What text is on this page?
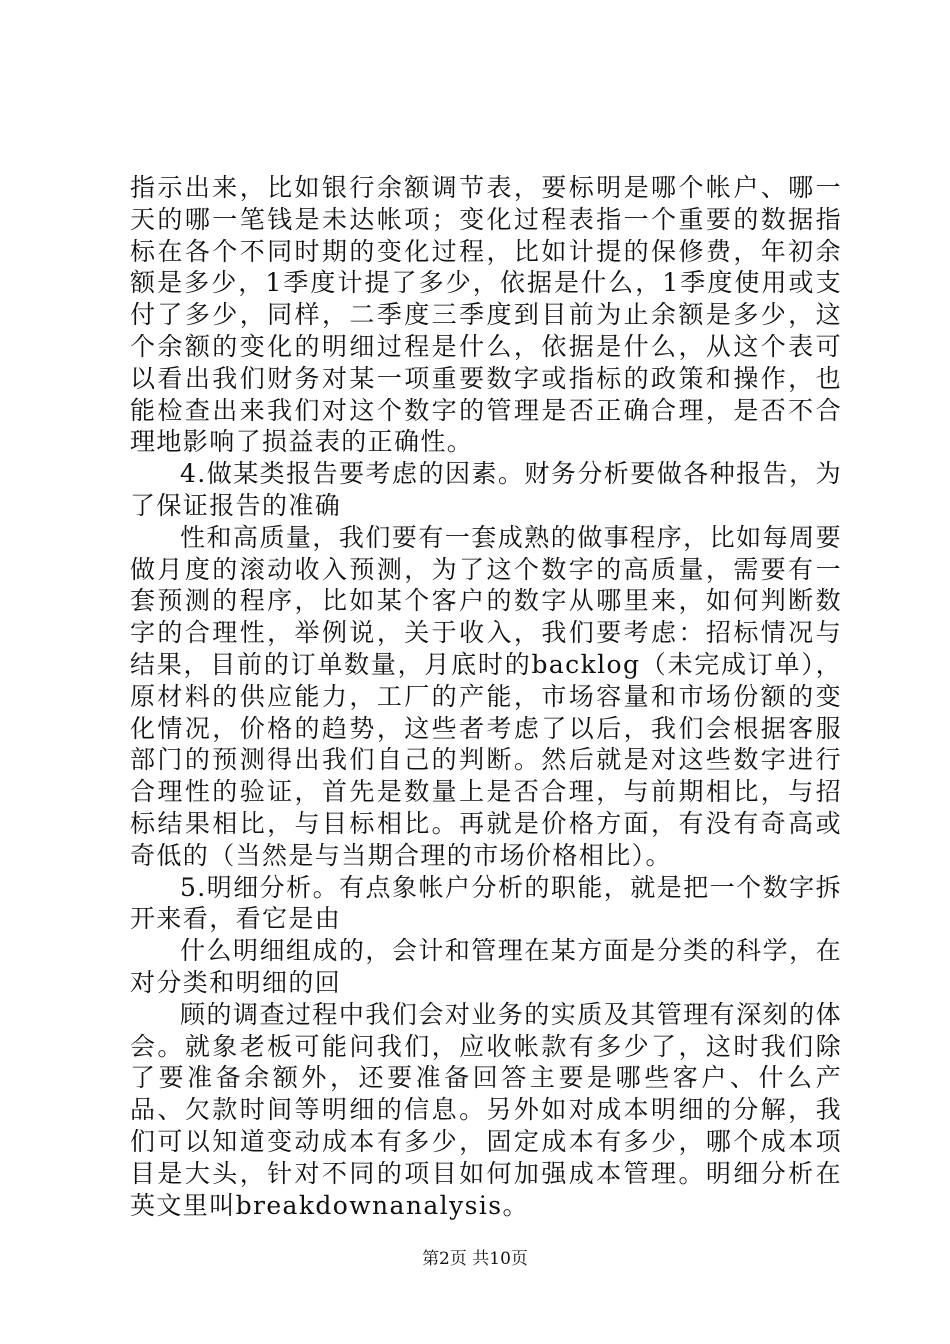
指示出来，比如银行余额调节表，要标明是哪个帐户、哪一天的哪一笔钱是未达帐项；变化过程表指一个重要的数据指标在各个不同时期的变化过程，比如计提的保修费，年初余额是多少，1季度计提了多少，依据是什么，1季度使用或支付了多少，同样，二季度三季度到目前为止余额是多少，这个余额的变化的明细过程是什么，依据是什么，从这个表可以看出我们财务对某一项重要数字或指标的政策和操作，也能检查出来我们对这个数字的管理是否正确合理，是否不合理地影响了损益表的正确性。

4.做某类报告要考虑的因素。财务分析要做各种报告，为了保证报告的准确

性和高质量，我们要有一套成熟的做事程序，比如每周要做月度的滚动收入预测，为了这个数字的高质量，需要有一套预测的程序，比如某个客户的数字从哪里来，如何判断数字的合理性，举例说，关于收入，我们要考虑：招标情况与结果，目前的订单数量，月底时的backlog（未完成订单），原材料的供应能力，工厂的产能，市场容量和市场份额的变化情况，价格的趋势，这些者考虑了以后，我们会根据客服部门的预测得出我们自己的判断。然后就是对这些数字进行合理性的验证，首先是数量上是否合理，与前期相比，与招标结果相比，与目标相比。再就是价格方面，有没有奇高或奇低的（当然是与当期合理的市场价格相比）。

5.明细分析。有点象帐户分析的职能，就是把一个数字拆开来看，看它是由

什么明细组成的，会计和管理在某方面是分类的科学，在对分类和明细的回

顾的调查过程中我们会对业务的实质及其管理有深刻的体会。就象老板可能问我们，应收帐款有多少了，这时我们除了要准备余额外，还要准备回答主要是哪些客户、什么产品、欠款时间等明细的信息。另外如对成本明细的分解，我们可以知道变动成本有多少，固定成本有多少，哪个成本项目是大头，针对不同的项目如何加强成本管理。明细分析在英文里叫breakdownanalysis。

第2页 共10页
